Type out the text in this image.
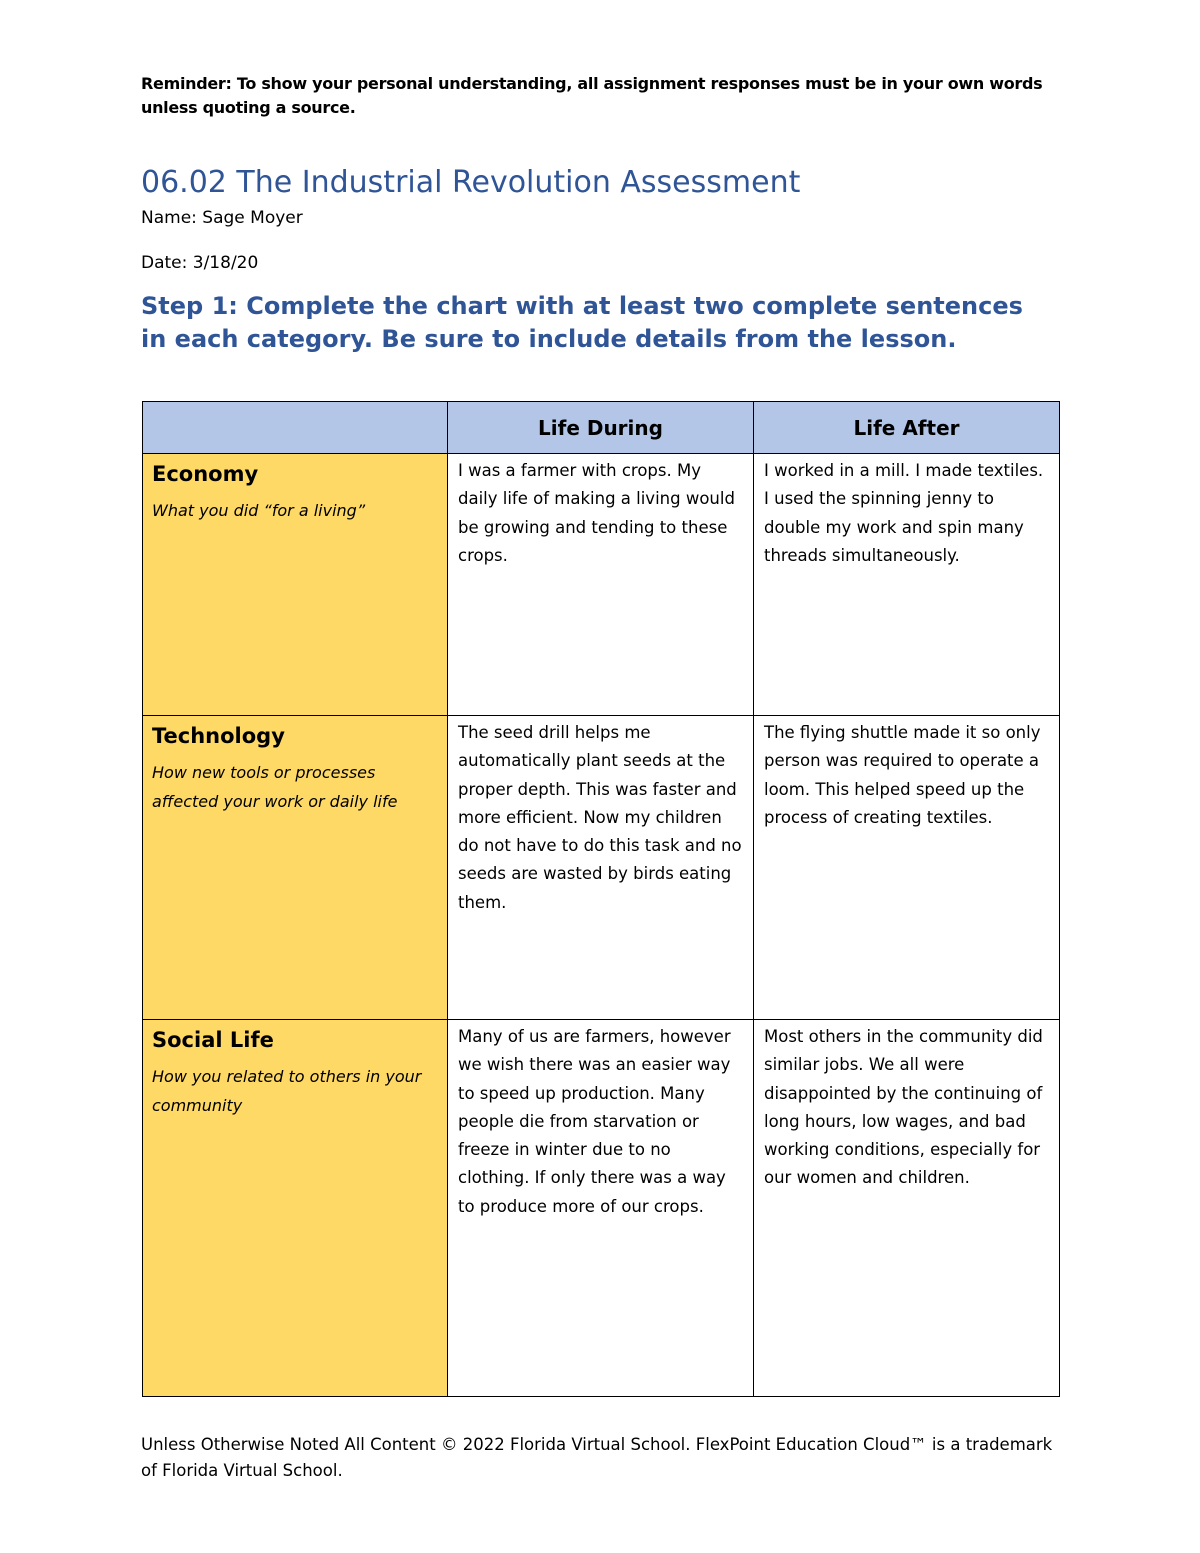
Reminder: To show your personal understanding, all assignment responses must be in your own words unless quoting a source.
06.02 The Industrial Revolution Assessment
Name: Sage Moyer
Date: 3/18/20
Step 1: Complete the chart with at least two complete sentences in each category. Be sure to include details from the lesson.
	Life During	Life After

Economy
What you did “for a living”	I was a farmer with crops. My daily life of making a living would be growing and tending to these crops.	I worked in a mill. I made textiles. I used the spinning jenny to double my work and spin many threads simultaneously.

Technology
How new tools or processes affected your work or daily life	The seed drill helps me automatically plant seeds at the proper depth. This was faster and more efficient. Now my children do not have to do this task and no seeds are wasted by birds eating them.	The flying shuttle made it so only person was required to operate a loom. This helped speed up the process of creating textiles.

Social Life
How you related to others in your community	Many of us are farmers, however we wish there was an easier way to speed up production. Many people die from starvation or freeze in winter due to no clothing. If only there was a way to produce more of our crops.	Most others in the community did similar jobs. We all were disappointed by the continuing of long hours, low wages, and bad working conditions, especially for our women and children.
Unless Otherwise Noted All Content © 2022 Florida Virtual School. FlexPoint Education Cloud™ is a trademark of Florida Virtual School.
